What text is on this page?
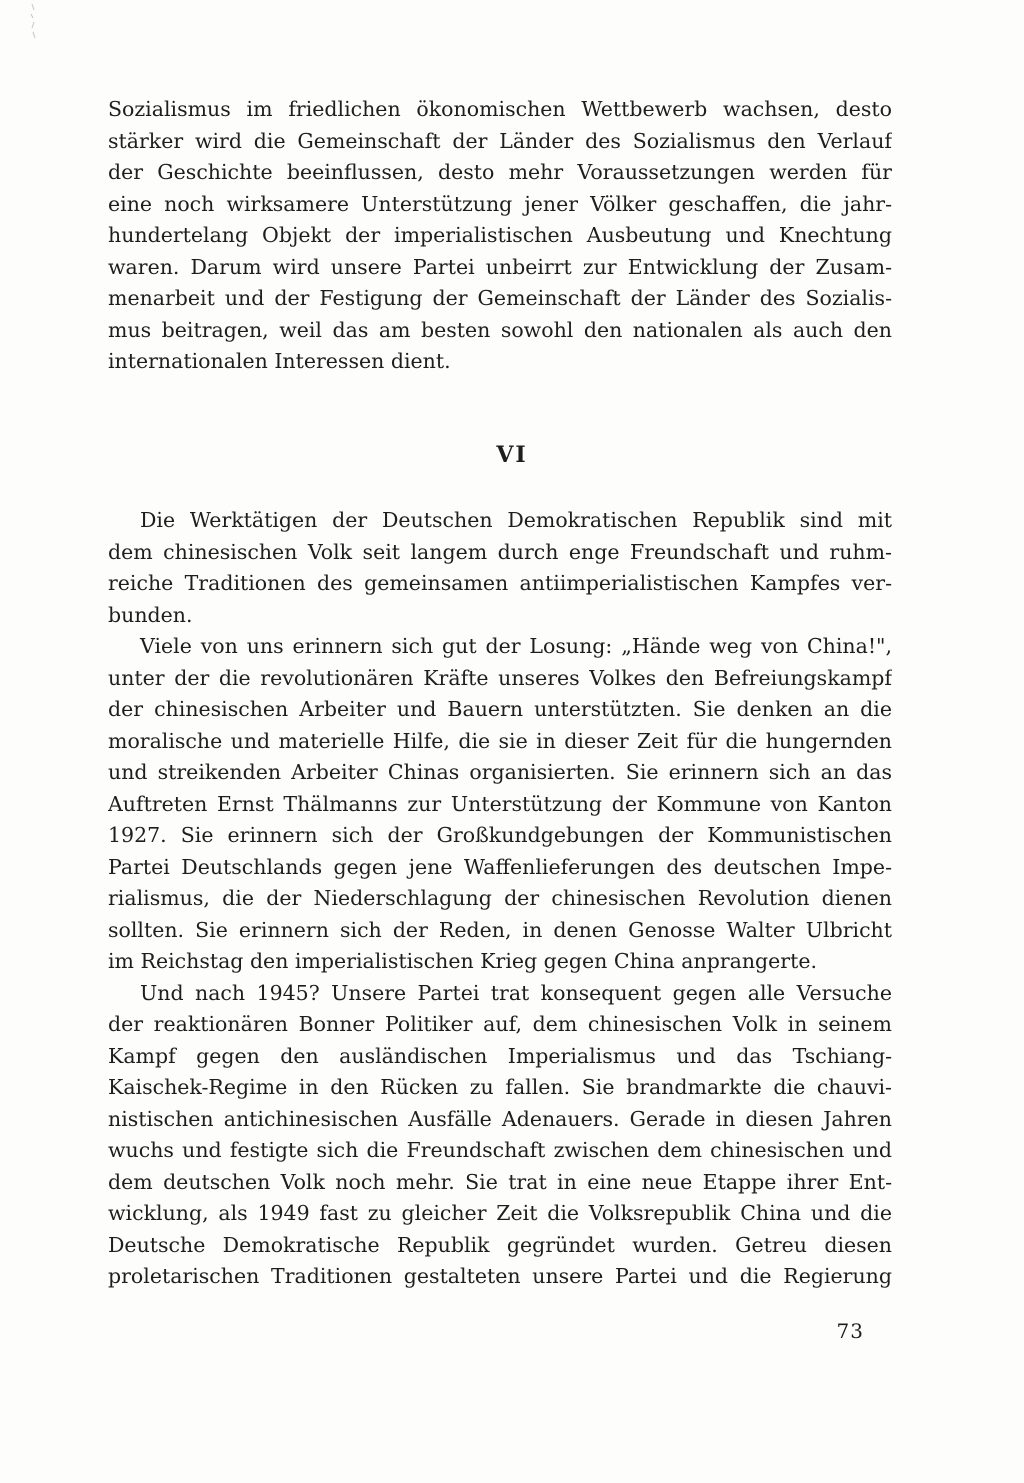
Sozialismus im friedlichen ökonomischen Wettbewerb wachsen, desto
stärker wird die Gemeinschaft der Länder des Sozialismus den Verlauf
der Geschichte beeinflussen, desto mehr Voraussetzungen werden für
eine noch wirksamere Unterstützung jener Völker geschaffen, die jahr-
hundertelang Objekt der imperialistischen Ausbeutung und Knechtung
waren. Darum wird unsere Partei unbeirrt zur Entwicklung der Zusam-
menarbeit und der Festigung der Gemeinschaft der Länder des Sozialis-
mus beitragen, weil das am besten sowohl den nationalen als auch den
internationalen Interessen dient.
VI
Die Werktätigen der Deutschen Demokratischen Republik sind mit
dem chinesischen Volk seit langem durch enge Freundschaft und ruhm-
reiche Traditionen des gemeinsamen antiimperialistischen Kampfes ver-
bunden.
Viele von uns erinnern sich gut der Losung: „Hände weg von China!",
unter der die revolutionären Kräfte unseres Volkes den Befreiungskampf
der chinesischen Arbeiter und Bauern unterstützten. Sie denken an die
moralische und materielle Hilfe, die sie in dieser Zeit für die hungernden
und streikenden Arbeiter Chinas organisierten. Sie erinnern sich an das
Auftreten Ernst Thälmanns zur Unterstützung der Kommune von Kanton
1927. Sie erinnern sich der Großkundgebungen der Kommunistischen
Partei Deutschlands gegen jene Waffenlieferungen des deutschen Impe-
rialismus, die der Niederschlagung der chinesischen Revolution dienen
sollten. Sie erinnern sich der Reden, in denen Genosse Walter Ulbricht
im Reichstag den imperialistischen Krieg gegen China anprangerte.
Und nach 1945? Unsere Partei trat konsequent gegen alle Versuche
der reaktionären Bonner Politiker auf, dem chinesischen Volk in seinem
Kampf gegen den ausländischen Imperialismus und das Tschiang-
Kaischek-Regime in den Rücken zu fallen. Sie brandmarkte die chauvi-
nistischen antichinesischen Ausfälle Adenauers. Gerade in diesen Jahren
wuchs und festigte sich die Freundschaft zwischen dem chinesischen und
dem deutschen Volk noch mehr. Sie trat in eine neue Etappe ihrer Ent-
wicklung, als 1949 fast zu gleicher Zeit die Volksrepublik China und die
Deutsche Demokratische Republik gegründet wurden. Getreu diesen
proletarischen Traditionen gestalteten unsere Partei und die Regierung
73
